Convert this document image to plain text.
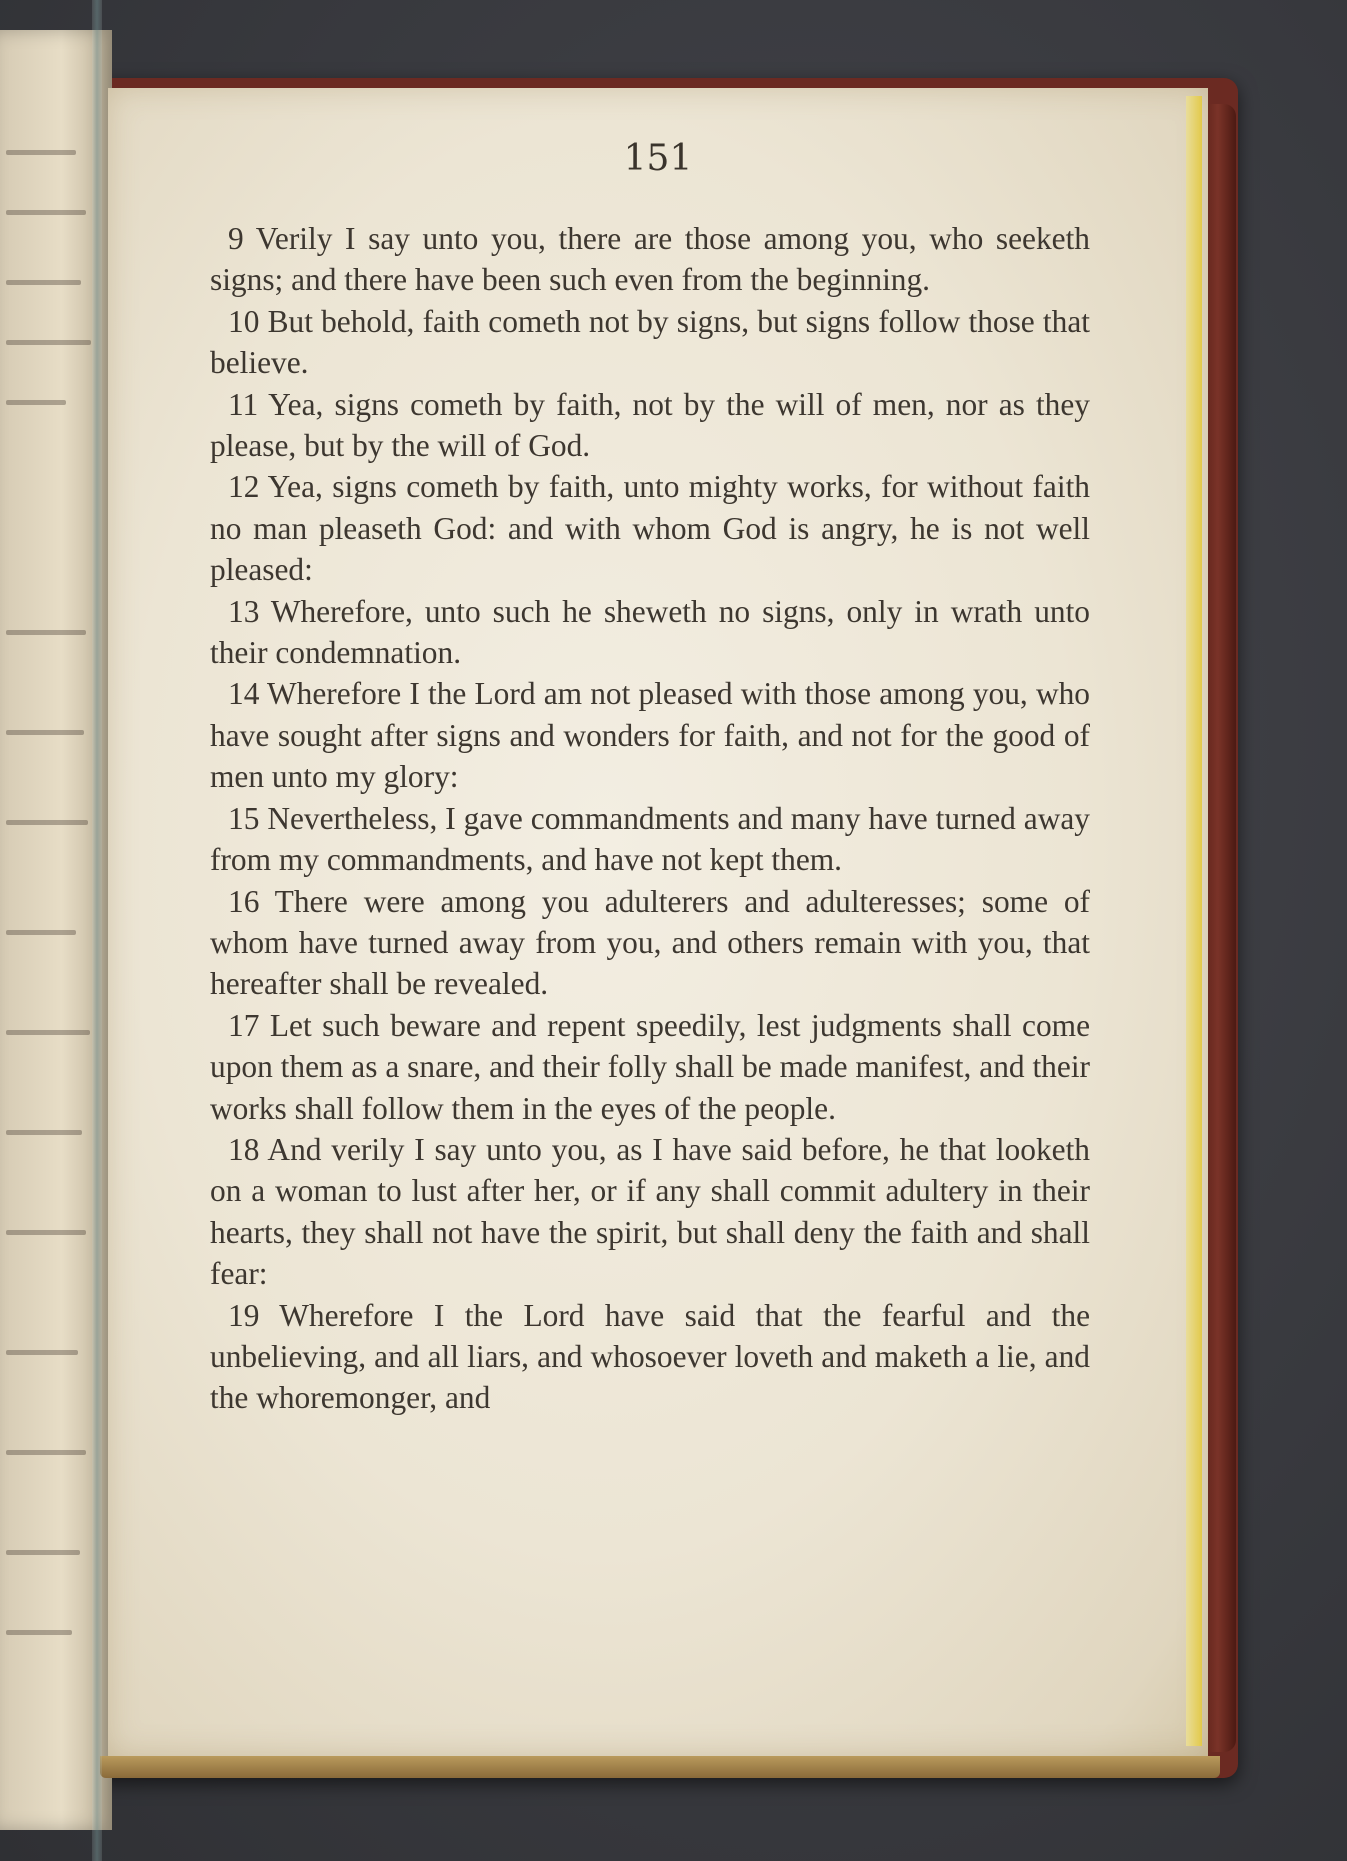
151

9 Verily I say unto you, there are those among you, who seeketh signs; and there have been such even from the beginning.

10 But behold, faith cometh not by signs, but signs follow those that believe.

11 Yea, signs cometh by faith, not by the will of men, nor as they please, but by the will of God.

12 Yea, signs cometh by faith, unto mighty works, for without faith no man pleaseth God: and with whom God is angry, he is not well pleased:

13 Wherefore, unto such he sheweth no signs, only in wrath unto their condemnation.

14 Wherefore I the Lord am not pleased with those among you, who have sought after signs and wonders for faith, and not for the good of men unto my glory:

15 Nevertheless, I gave commandments and many have turned away from my commandments, and have not kept them.

16 There were among you adulterers and adulteresses; some of whom have turned away from you, and others remain with you, that hereafter shall be revealed.

17 Let such beware and repent speedily, lest judgments shall come upon them as a snare, and their folly shall be made manifest, and their works shall follow them in the eyes of the people.

18 And verily I say unto you, as I have said before, he that looketh on a woman to lust after her, or if any shall commit adultery in their hearts, they shall not have the spirit, but shall deny the faith and shall fear:

19 Wherefore I the Lord have said that the fearful and the unbelieving, and all liars, and whosoever loveth and maketh a lie, and the whoremonger, and
